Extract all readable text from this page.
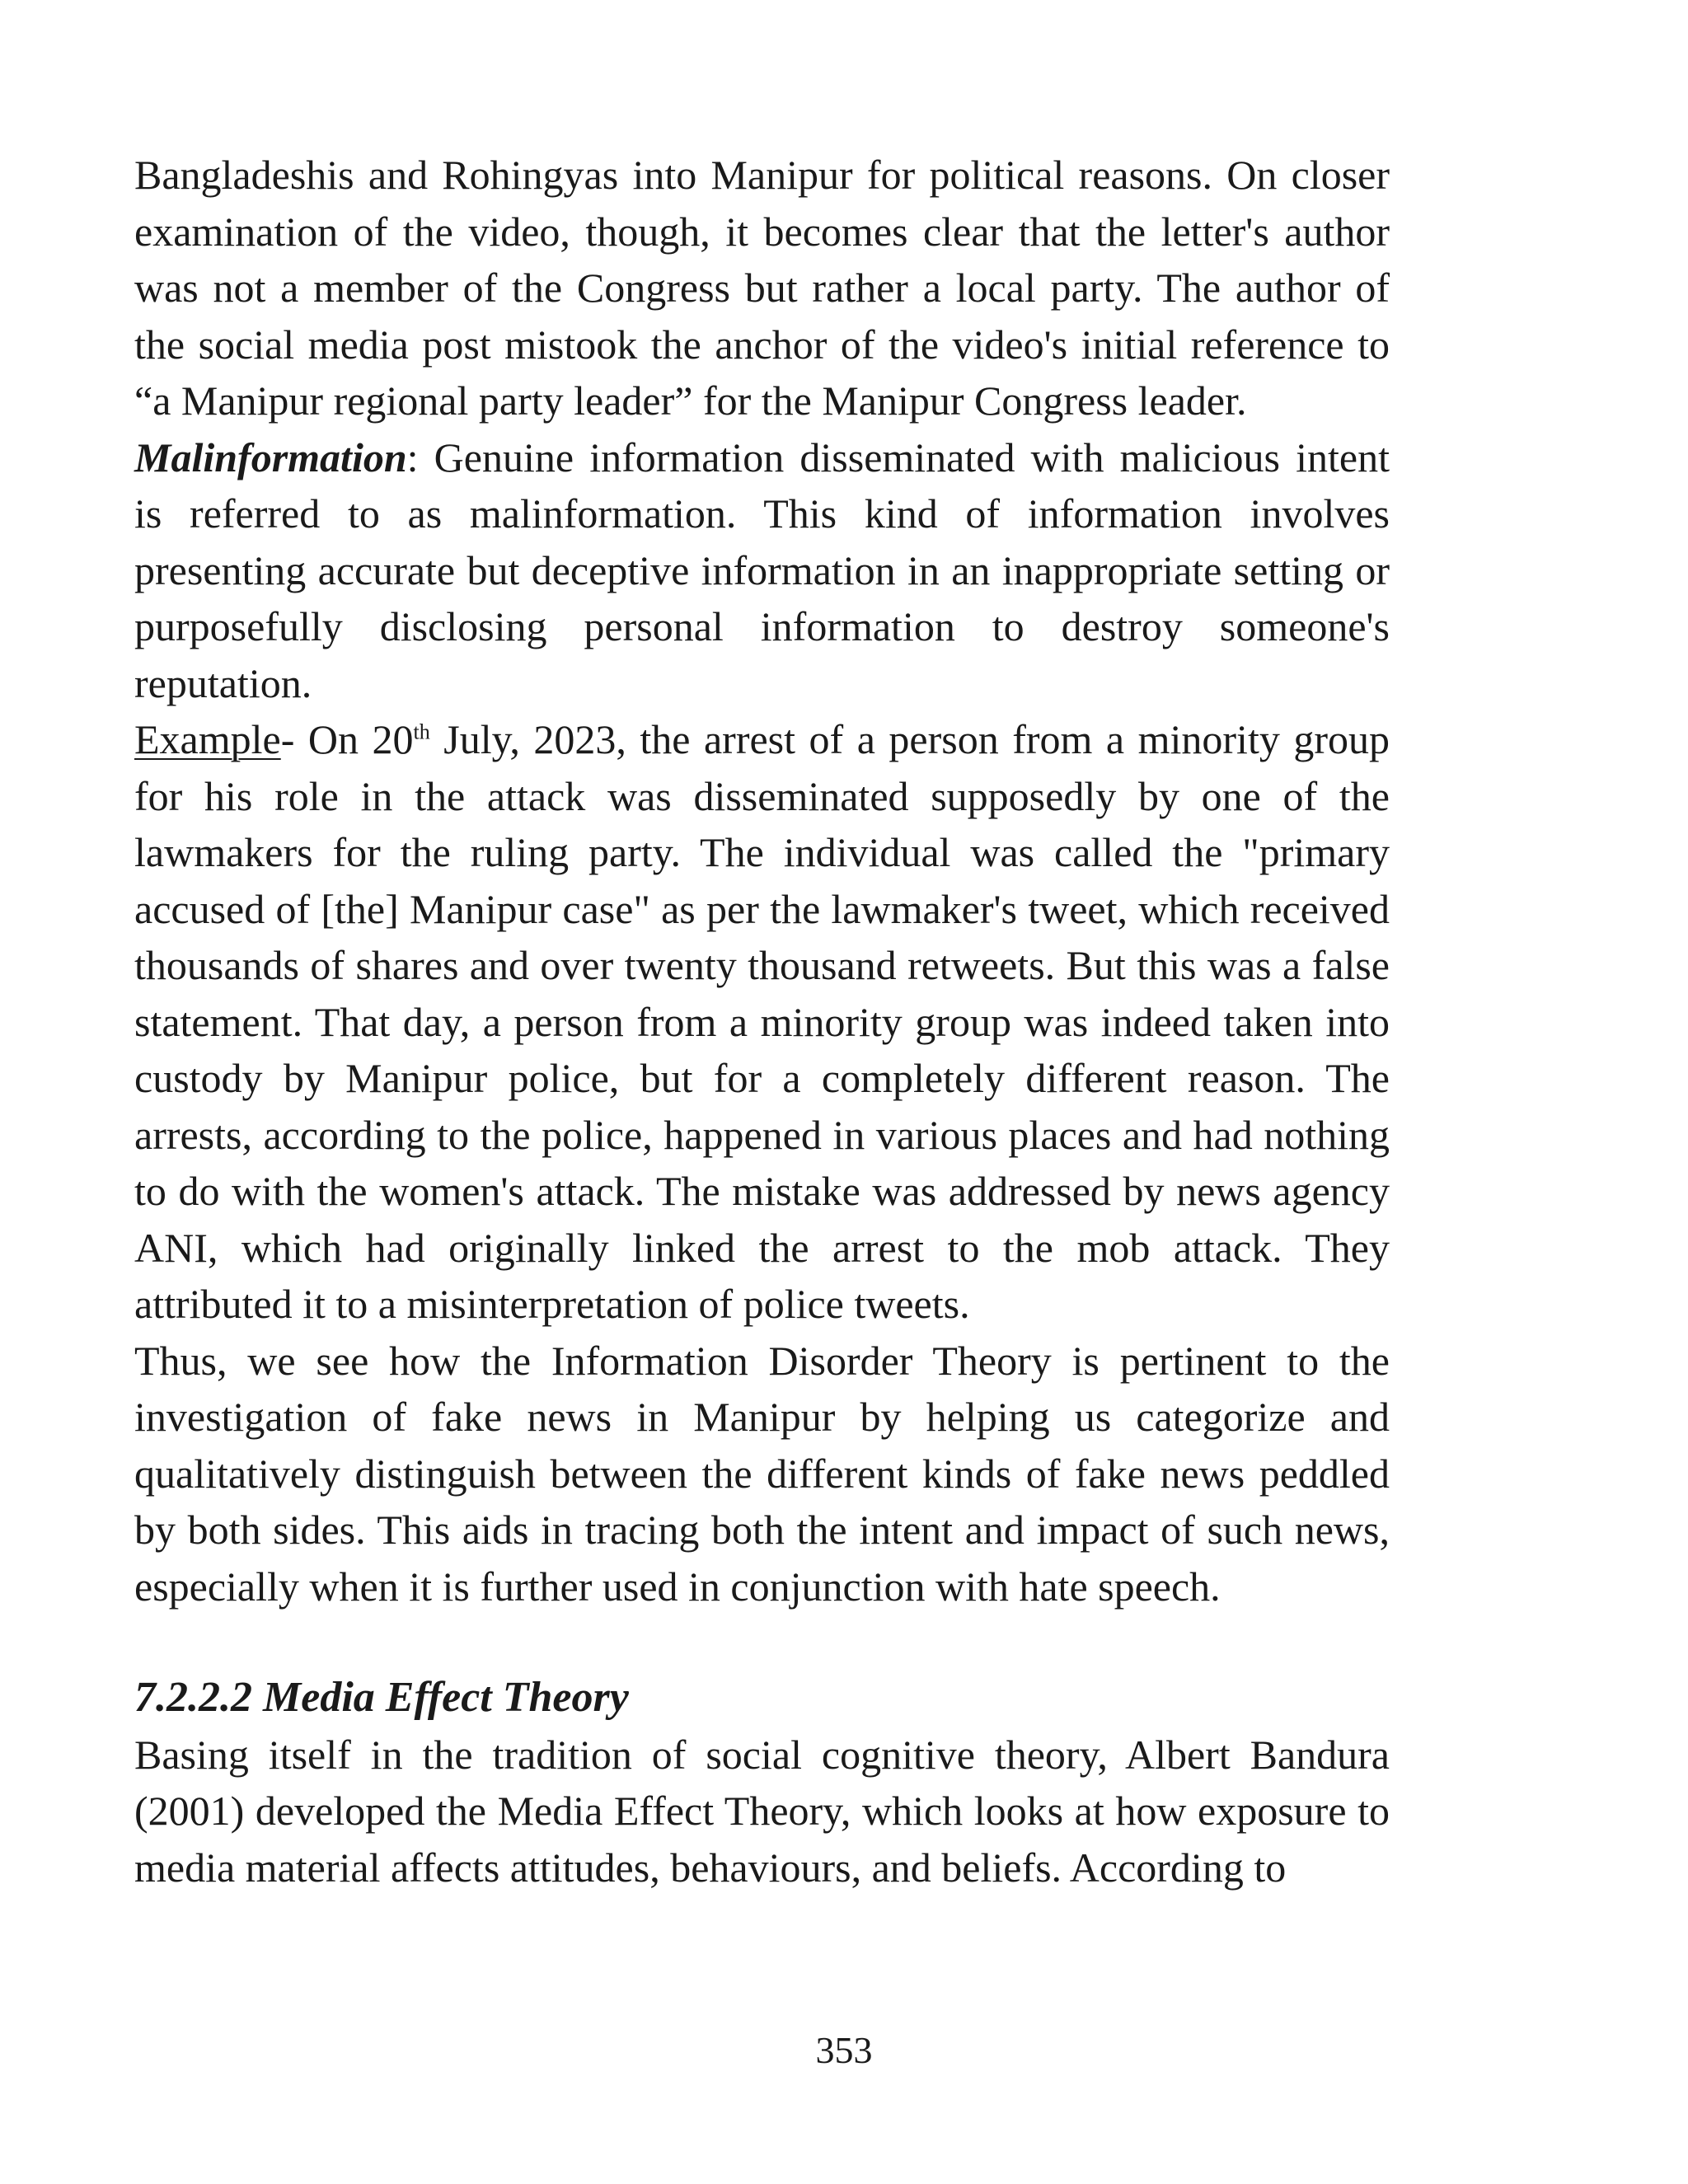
Bangladeshis and Rohingyas into Manipur for political reasons. On closer examination of the video, though, it becomes clear that the letter's author was not a member of the Congress but rather a local party. The author of the social media post mistook the anchor of the video's initial reference to “a Manipur regional party leader” for the Manipur Congress leader.

Malinformation: Genuine information disseminated with malicious intent is referred to as malinformation. This kind of information involves presenting accurate but deceptive information in an inappropriate setting or purposefully disclosing personal information to destroy someone's reputation.

Example- On 20th July, 2023, the arrest of a person from a minority group for his role in the attack was disseminated supposedly by one of the lawmakers for the ruling party. The individual was called the "primary accused of [the] Manipur case" as per the lawmaker's tweet, which received thousands of shares and over twenty thousand retweets. But this was a false statement. That day, a person from a minority group was indeed taken into custody by Manipur police, but for a completely different reason. The arrests, according to the police, happened in various places and had nothing to do with the women's attack. The mistake was addressed by news agency ANI, which had originally linked the arrest to the mob attack. They attributed it to a misinterpretation of police tweets.

Thus, we see how the Information Disorder Theory is pertinent to the investigation of fake news in Manipur by helping us categorize and qualitatively distinguish between the different kinds of fake news peddled by both sides. This aids in tracing both the intent and impact of such news, especially when it is further used in conjunction with hate speech.

7.2.2.2 Media Effect Theory

Basing itself in the tradition of social cognitive theory, Albert Bandura (2001) developed the Media Effect Theory, which looks at how exposure to media material affects attitudes, behaviours, and beliefs. According to

353
